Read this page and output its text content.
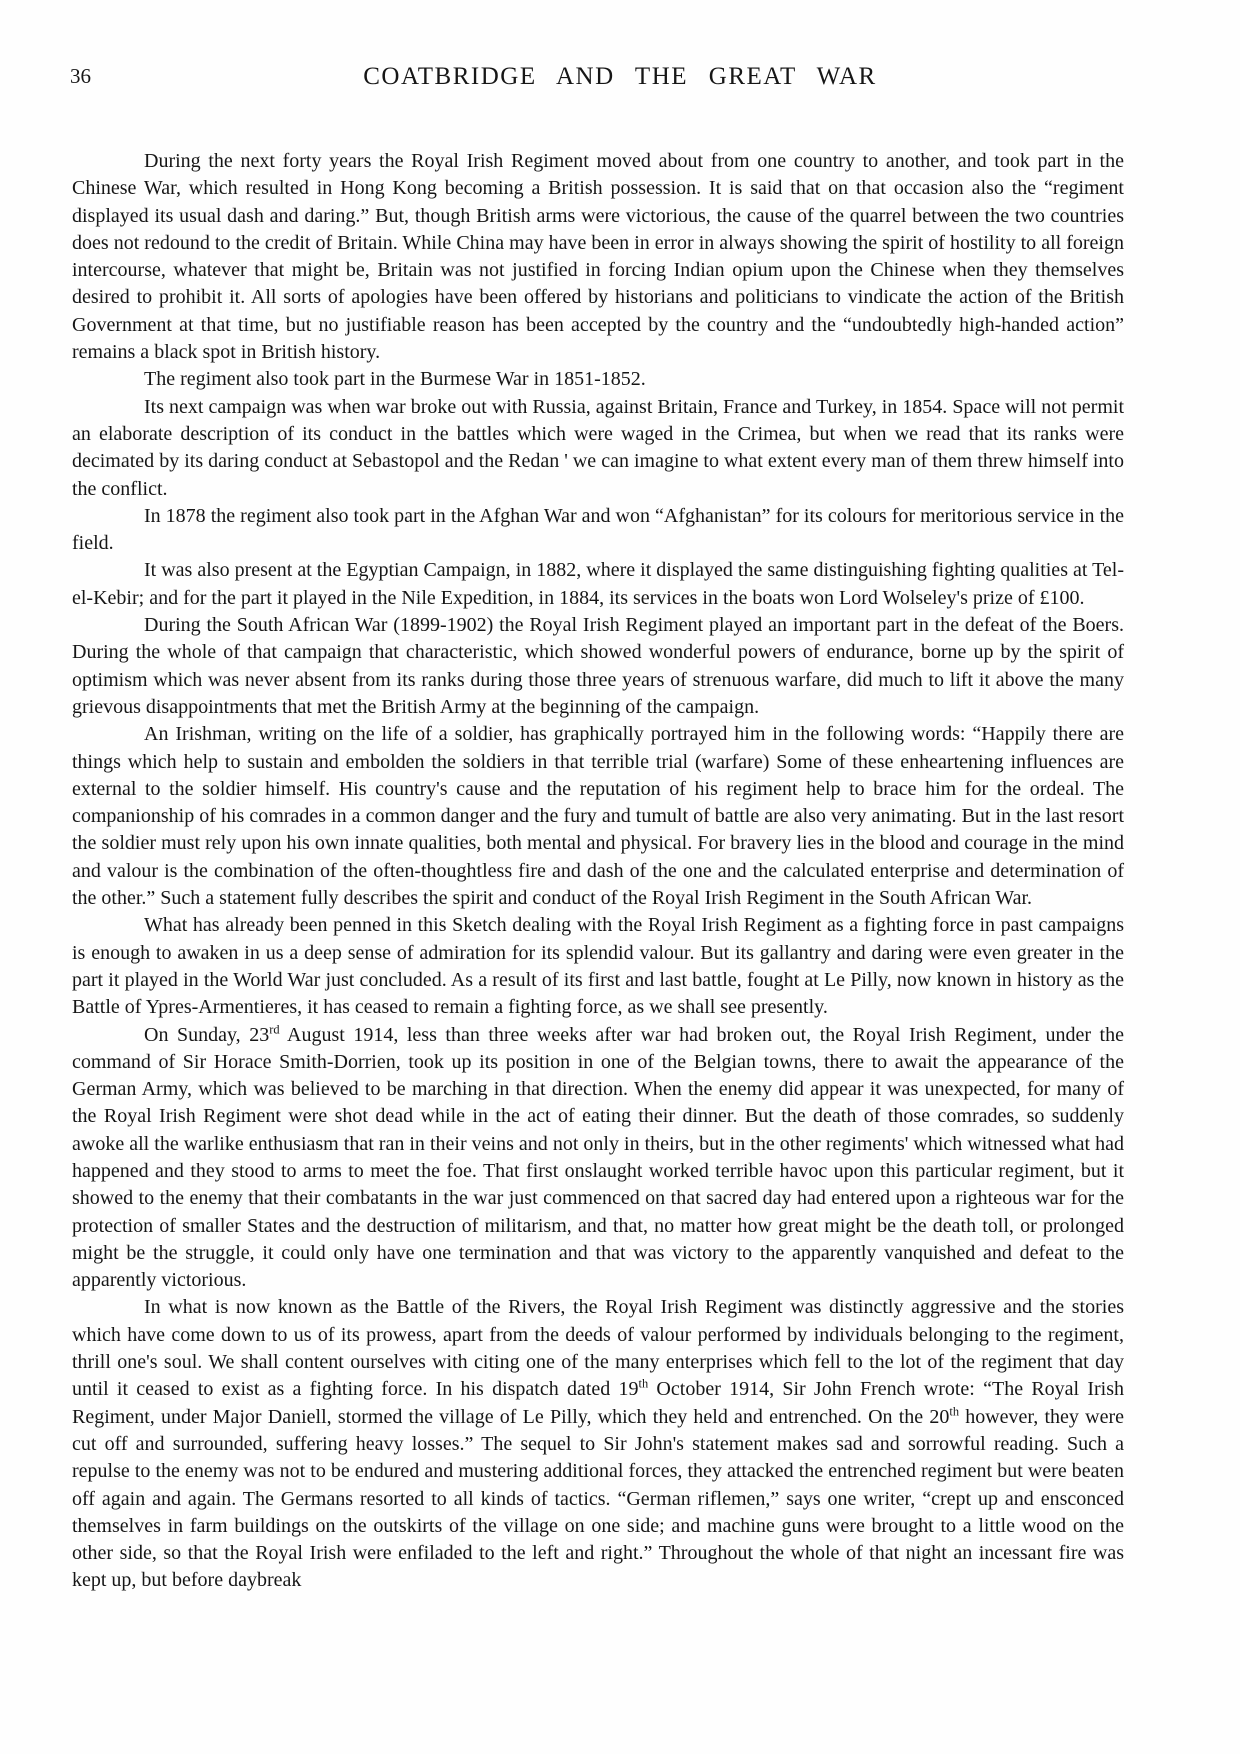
36	COATBRIDGE AND THE GREAT WAR

During the next forty years the Royal Irish Regiment moved about from one country to another, and took part in the Chinese War, which resulted in Hong Kong becoming a British possession. It is said that on that occasion also the “regiment displayed its usual dash and daring.” But, though British arms were victorious, the cause of the quarrel between the two countries does not redound to the credit of Britain. While China may have been in error in always showing the spirit of hostility to all foreign intercourse, whatever that might be, Britain was not justified in forcing Indian opium upon the Chinese when they themselves desired to prohibit it. All sorts of apologies have been offered by historians and politicians to vindicate the action of the British Government at that time, but no justifiable reason has been accepted by the country and the “undoubtedly high-handed action” remains a black spot in British history.

The regiment also took part in the Burmese War in 1851-1852.

Its next campaign was when war broke out with Russia, against Britain, France and Turkey, in 1854. Space will not permit an elaborate description of its conduct in the battles which were waged in the Crimea, but when we read that its ranks were decimated by its daring conduct at Sebastopol and the Redan ' we can imagine to what extent every man of them threw himself into the conflict.

In 1878 the regiment also took part in the Afghan War and won “Afghanistan” for its colours for meritorious service in the field.

It was also present at the Egyptian Campaign, in 1882, where it displayed the same distinguishing fighting qualities at Tel-el-Kebir; and for the part it played in the Nile Expedition, in 1884, its services in the boats won Lord Wolseley's prize of £100.

During the South African War (1899-1902) the Royal Irish Regiment played an important part in the defeat of the Boers. During the whole of that campaign that characteristic, which showed wonderful powers of endurance, borne up by the spirit of optimism which was never absent from its ranks during those three years of strenuous warfare, did much to lift it above the many grievous disappointments that met the British Army at the beginning of the campaign.

An Irishman, writing on the life of a soldier, has graphically portrayed him in the following words: “Happily there are things which help to sustain and embolden the soldiers in that terrible trial (warfare) Some of these enheartening influences are external to the soldier himself. His country's cause and the reputation of his regiment help to brace him for the ordeal. The companionship of his comrades in a common danger and the fury and tumult of battle are also very animating. But in the last resort the soldier must rely upon his own innate qualities, both mental and physical. For bravery lies in the blood and courage in the mind and valour is the combination of the often-thoughtless fire and dash of the one and the calculated enterprise and determination of the other.” Such a statement fully describes the spirit and conduct of the Royal Irish Regiment in the South African War.

What has already been penned in this Sketch dealing with the Royal Irish Regiment as a fighting force in past campaigns is enough to awaken in us a deep sense of admiration for its splendid valour. But its gallantry and daring were even greater in the part it played in the World War just concluded. As a result of its first and last battle, fought at Le Pilly, now known in history as the Battle of Ypres-Armentieres, it has ceased to remain a fighting force, as we shall see presently.

On Sunday, 23rd August 1914, less than three weeks after war had broken out, the Royal Irish Regiment, under the command of Sir Horace Smith-Dorrien, took up its position in one of the Belgian towns, there to await the appearance of the German Army, which was believed to be marching in that direction. When the enemy did appear it was unexpected, for many of the Royal Irish Regiment were shot dead while in the act of eating their dinner. But the death of those comrades, so suddenly awoke all the warlike enthusiasm that ran in their veins and not only in theirs, but in the other regiments' which witnessed what had happened and they stood to arms to meet the foe. That first onslaught worked terrible havoc upon this particular regiment, but it showed to the enemy that their combatants in the war just commenced on that sacred day had entered upon a righteous war for the protection of smaller States and the destruction of militarism, and that, no matter how great might be the death toll, or prolonged might be the struggle, it could only have one termination and that was victory to the apparently vanquished and defeat to the apparently victorious.

In what is now known as the Battle of the Rivers, the Royal Irish Regiment was distinctly aggressive and the stories which have come down to us of its prowess, apart from the deeds of valour performed by individuals belonging to the regiment, thrill one's soul. We shall content ourselves with citing one of the many enterprises which fell to the lot of the regiment that day until it ceased to exist as a fighting force. In his dispatch dated 19th October 1914, Sir John French wrote: “The Royal Irish Regiment, under Major Daniell, stormed the village of Le Pilly, which they held and entrenched. On the 20th however, they were cut off and surrounded, suffering heavy losses.” The sequel to Sir John's statement makes sad and sorrowful reading. Such a repulse to the enemy was not to be endured and mustering additional forces, they attacked the entrenched regiment but were beaten off again and again. The Germans resorted to all kinds of tactics. “German riflemen,” says one writer, “crept up and ensconced themselves in farm buildings on the outskirts of the village on one side; and machine guns were brought to a little wood on the other side, so that the Royal Irish were enfiladed to the left and right.” Throughout the whole of that night an incessant fire was kept up, but before daybreak
